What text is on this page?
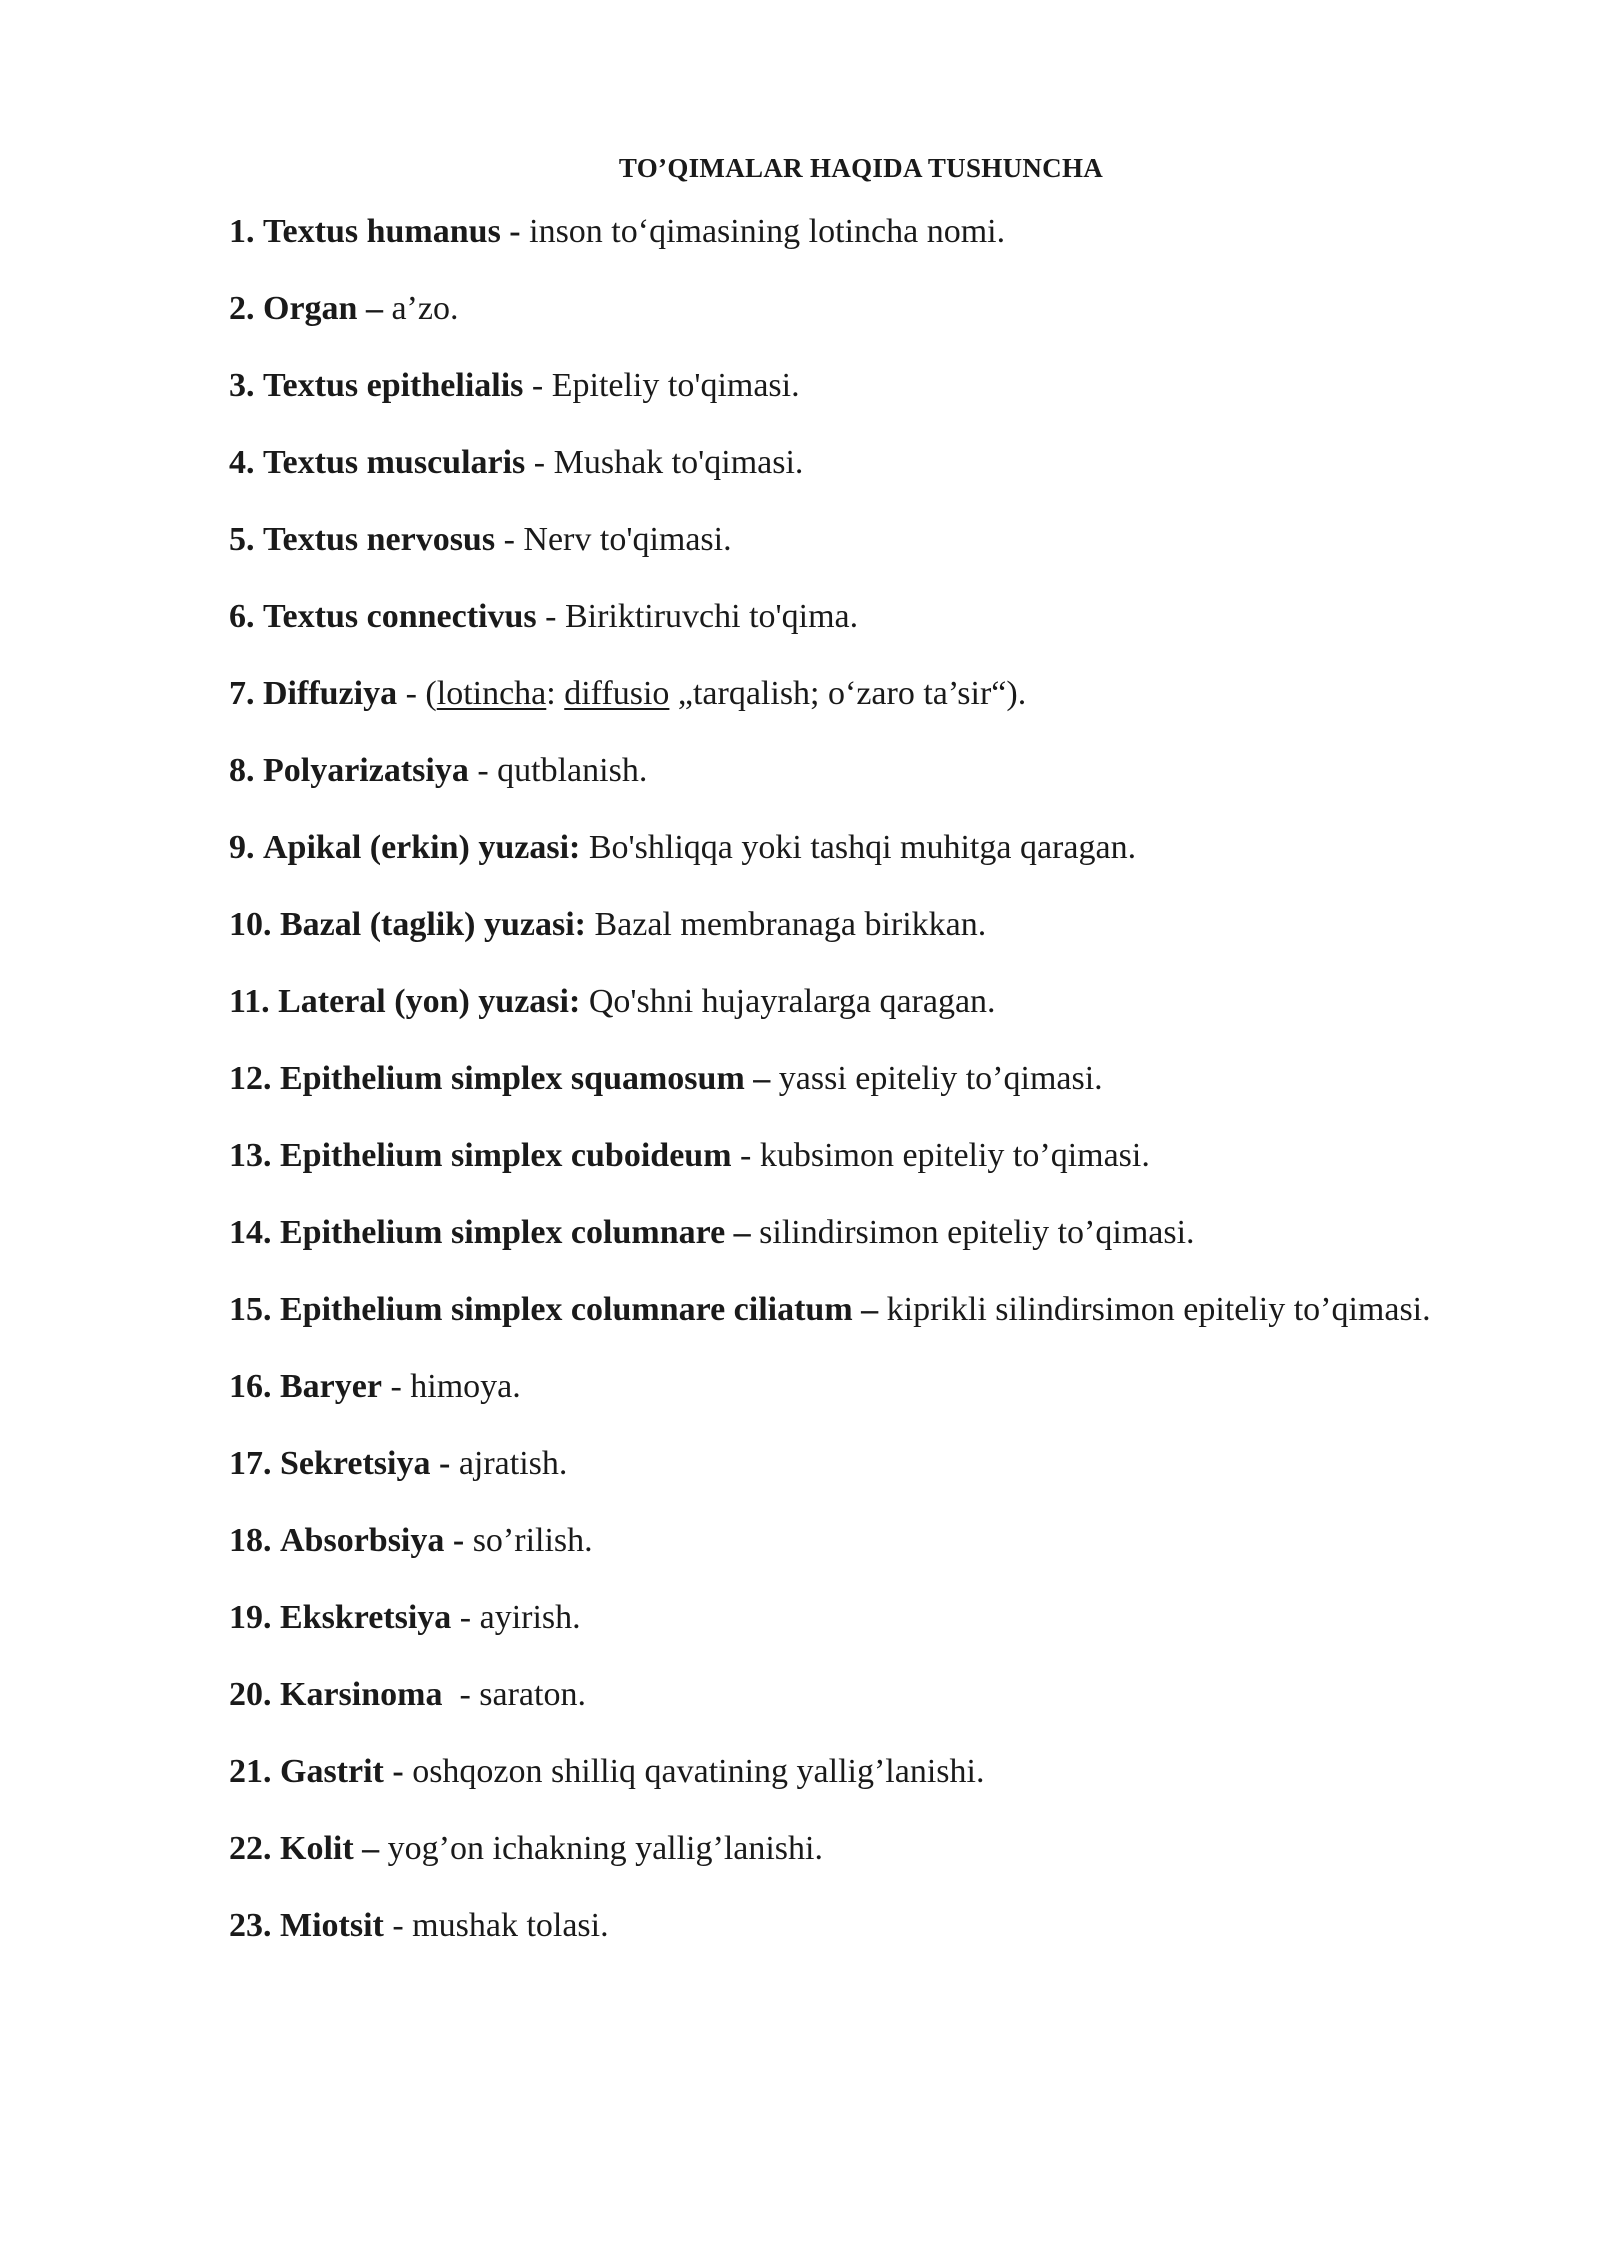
TO’QIMALAR HAQIDA TUSHUNCHA
1. Textus humanus - inson to‘qimasining lotincha nomi.
2. Organ – a’zo.
3. Textus epithelialis - Epiteliy to'qimasi.
4. Textus muscularis - Mushak to'qimasi.
5. Textus nervosus - Nerv to'qimasi.
6. Textus connectivus - Biriktiruvchi to'qima.
7. Diffuziya - (lotincha: diffusio „tarqalish; o‘zaro ta’sir“).
8. Polyarizatsiya - qutblanish.
9. Apikal (erkin) yuzasi: Bo'shliqqa yoki tashqi muhitga qaragan.
10. Bazal (taglik) yuzasi: Bazal membranaga birikkan.
11. Lateral (yon) yuzasi: Qo'shni hujayralarga qaragan.
12. Epithelium simplex squamosum – yassi epiteliy to’qimasi.
13. Epithelium simplex cuboideum - kubsimon epiteliy to’qimasi.
14. Epithelium simplex columnare – silindirsimon epiteliy to’qimasi.
15. Epithelium simplex columnare ciliatum – kiprikli silindirsimon epiteliy to’qimasi.
16. Baryer - himoya.
17. Sekretsiya - ajratish.
18. Absorbsiya - so’rilish.
19. Ekskretsiya - ayirish.
20. Karsinoma  - saraton.
21. Gastrit - oshqozon shilliq qavatining yallig’lanishi.
22. Kolit – yog’on ichakning yallig’lanishi.
23. Miotsit - mushak tolasi.
